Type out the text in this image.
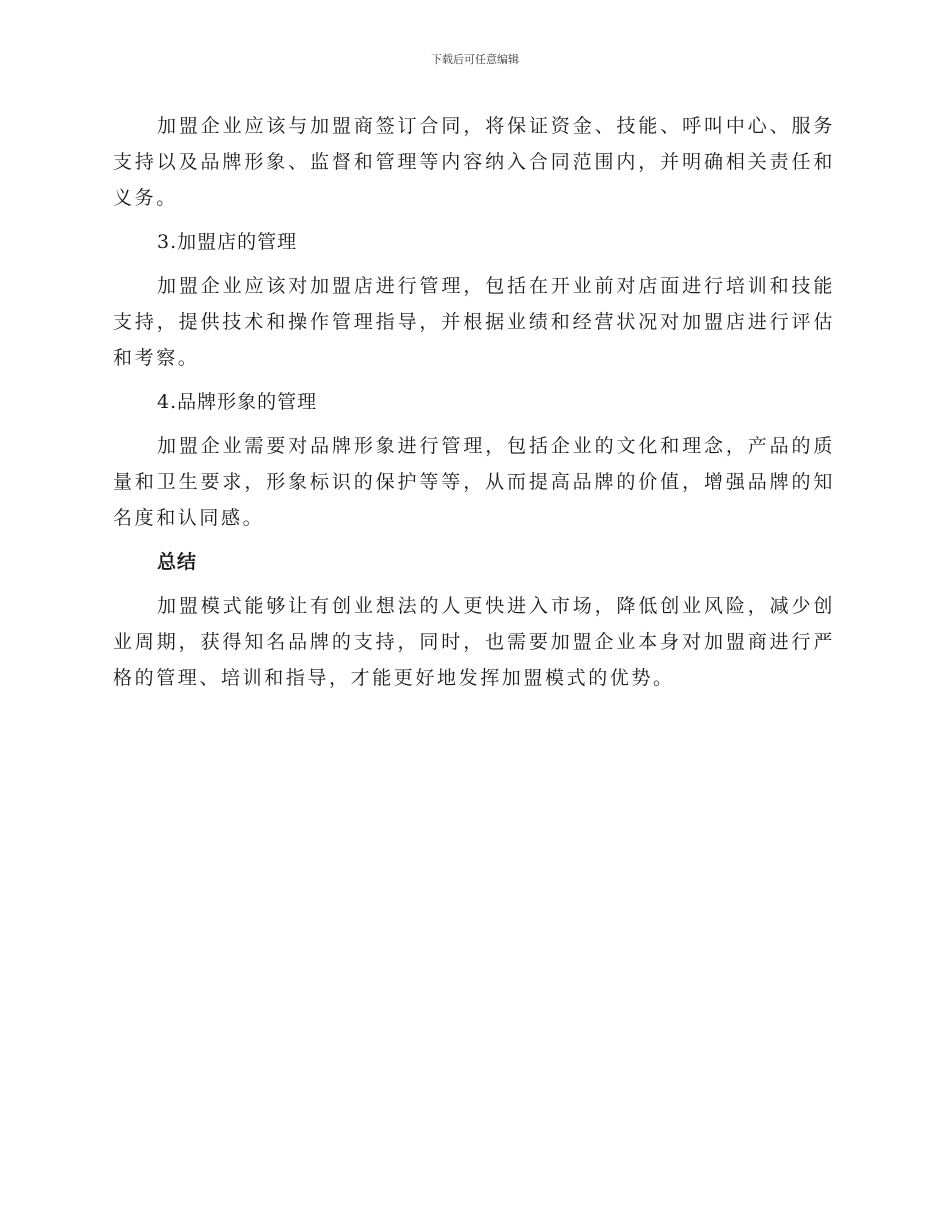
下载后可任意编辑

加盟企业应该与加盟商签订合同，将保证资金、技能、呼叫中心、服务支持以及品牌形象、监督和管理等内容纳入合同范围内，并明确相关责任和义务。

3.加盟店的管理

加盟企业应该对加盟店进行管理，包括在开业前对店面进行培训和技能支持，提供技术和操作管理指导，并根据业绩和经营状况对加盟店进行评估和考察。

4.品牌形象的管理

加盟企业需要对品牌形象进行管理，包括企业的文化和理念，产品的质量和卫生要求，形象标识的保护等等，从而提高品牌的价值，增强品牌的知名度和认同感。

总结

加盟模式能够让有创业想法的人更快进入市场，降低创业风险，减少创业周期，获得知名品牌的支持，同时，也需要加盟企业本身对加盟商进行严格的管理、培训和指导，才能更好地发挥加盟模式的优势。
